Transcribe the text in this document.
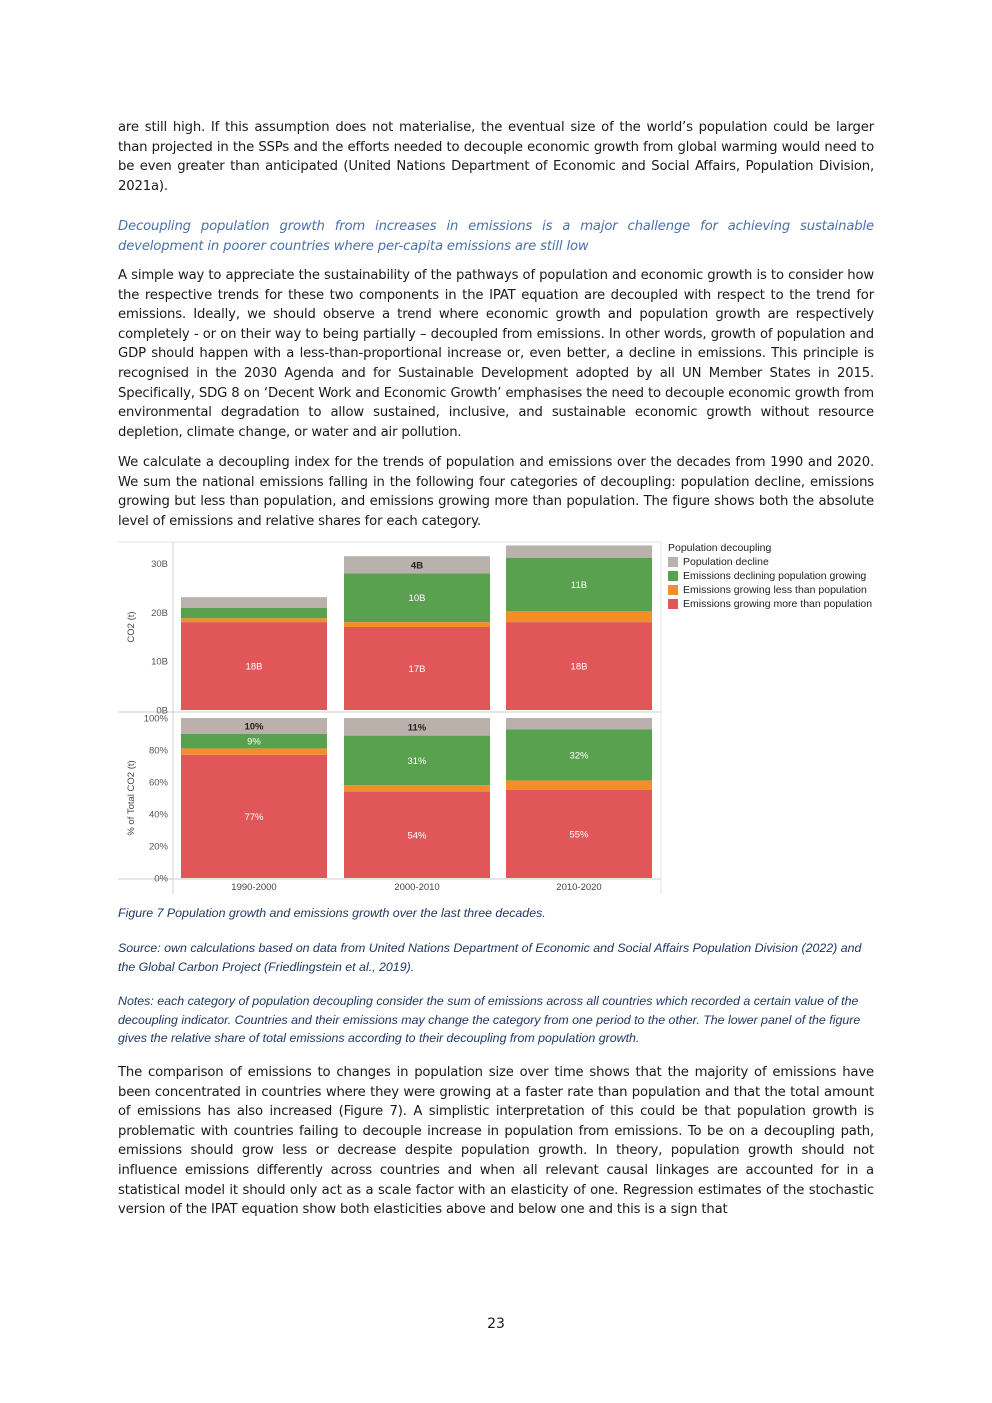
are still high. If this assumption does not materialise, the eventual size of the world’s population could be larger than projected in the SSPs and the efforts needed to decouple economic growth from global warming would need to be even greater than anticipated (United Nations Department of Economic and Social Affairs, Population Division, 2021a).

Decoupling population growth from increases in emissions is a major challenge for achieving sustainable development in poorer countries where per-capita emissions are still low

A simple way to appreciate the sustainability of the pathways of population and economic growth is to consider how the respective trends for these two components in the IPAT equation are decoupled with respect to the trend for emissions. Ideally, we should observe a trend where economic growth and population growth are respectively completely - or on their way to being partially – decoupled from emissions. In other words, growth of population and GDP should happen with a less-than-proportional increase or, even better, a decline in emissions. This principle is recognised in the 2030 Agenda and for Sustainable Development adopted by all UN Member States in 2015. Specifically, SDG 8 on ‘Decent Work and Economic Growth’ emphasises the need to decouple economic growth from environmental degradation to allow sustained, inclusive, and sustainable economic growth without resource depletion, climate change, or water and air pollution.

We calculate a decoupling index for the trends of population and emissions over the decades from 1990 and 2020. We sum the national emissions falling in the following four categories of decoupling: population decline, emissions growing but less than population, and emissions growing more than population. The figure shows both the absolute level of emissions and relative shares for each category.

0B
10B
20B
30B
CO2 (t)
18B	17B
10B
4B
18B
11B
0%
20%
40%
60%
80%
100%
% of Total CO2 (t)	77%
9%
10%
54%
31%
11%
55%
32%
1990-2000	2000-2010	2010-2020
Population decoupling
Population decline
Emissions declining population growing
Emissions growing less than population
Emissions growing more than population

Figure 7 Population growth and emissions growth over the last three decades.

Source: own calculations based on data from United Nations Department of Economic and Social Affairs Population Division (2022) and the Global Carbon Project (Friedlingstein et al., 2019).

Notes: each category of population decoupling consider the sum of emissions across all countries which recorded a certain value of the decoupling indicator. Countries and their emissions may change the category from one period to the other. The lower panel of the figure gives the relative share of total emissions according to their decoupling from population growth.

The comparison of emissions to changes in population size over time shows that the majority of emissions have been concentrated in countries where they were growing at a faster rate than population and that the total amount of emissions has also increased (Figure 7). A simplistic interpretation of this could be that population growth is problematic with countries failing to decouple increase in population from emissions. To be on a decoupling path, emissions should grow less or decrease despite population growth. In theory, population growth should not influence emissions differently across countries and when all relevant causal linkages are accounted for in a statistical model it should only act as a scale factor with an elasticity of one. Regression estimates of the stochastic version of the IPAT equation show both elasticities above and below one and this is a sign that

23
